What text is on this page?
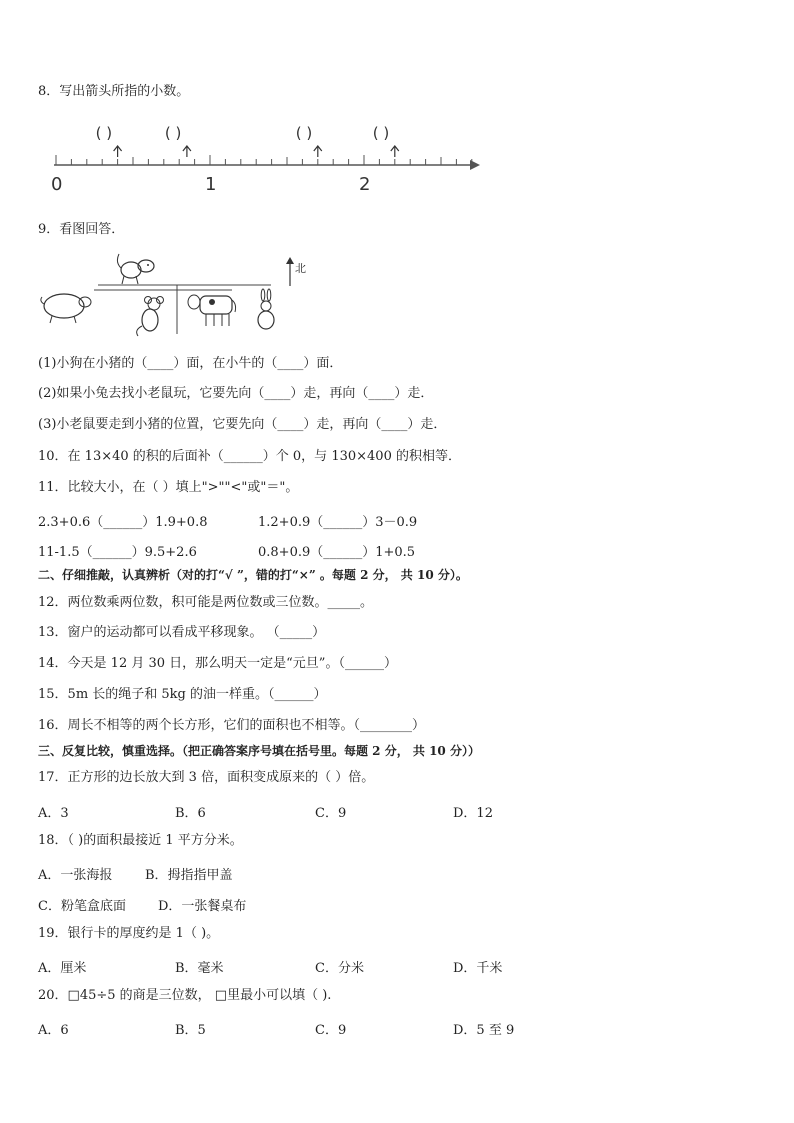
8．写出箭头所指的小数。
0	1	2
( )	( )	( )	( )
9．看图回答．
北
(1)小狗在小猪的（____）面，在小牛的（____）面．
(2)如果小兔去找小老鼠玩，它要先向（____）走，再向（____）走．
(3)小老鼠要走到小猪的位置，它要先向（____）走，再向（____）走．
10．在 13×40 的积的后面补（______）个 0，与 130×400 的积相等．
11．比较大小，在（ ）填上">""<"或"＝"。
2.3+0.6（______）1.9+0.8	1.2+0.9（______）3－0.9
11-1.5（______）9.5+2.6	0.8+0.9（______）1+0.5
二、仔细推敲，认真辨析（对的打“√ ”，错的打“×” 。每题 2 分， 共 10 分）。
12．两位数乘两位数，积可能是两位数或三位数。_____。
13．窗户的运动都可以看成平移现象。 （_____）
14．今天是 12 月 30 日，那么明天一定是“元旦”。（______）
15．5m 长的绳子和 5kg 的油一样重。（______）
16．周长不相等的两个长方形，它们的面积也不相等。（________）
三、反复比较，慎重选择。（把正确答案序号填在括号里。每题 2 分， 共 10 分））
17．正方形的边长放大到 3 倍，面积变成原来的（ ）倍。
A．3	B．6	C．9	D．12
18．（ )的面积最接近 1 平方分米。
A．一张海报	B．拇指指甲盖
C．粉笔盒底面 D．一张餐桌布
19．银行卡的厚度约是 1（ )。
A．厘米	B．毫米	C．分米	D．千米
20．□45÷5 的商是三位数， □里最小可以填（ ).
A．6	B．5	C．9	D．5 至 9
